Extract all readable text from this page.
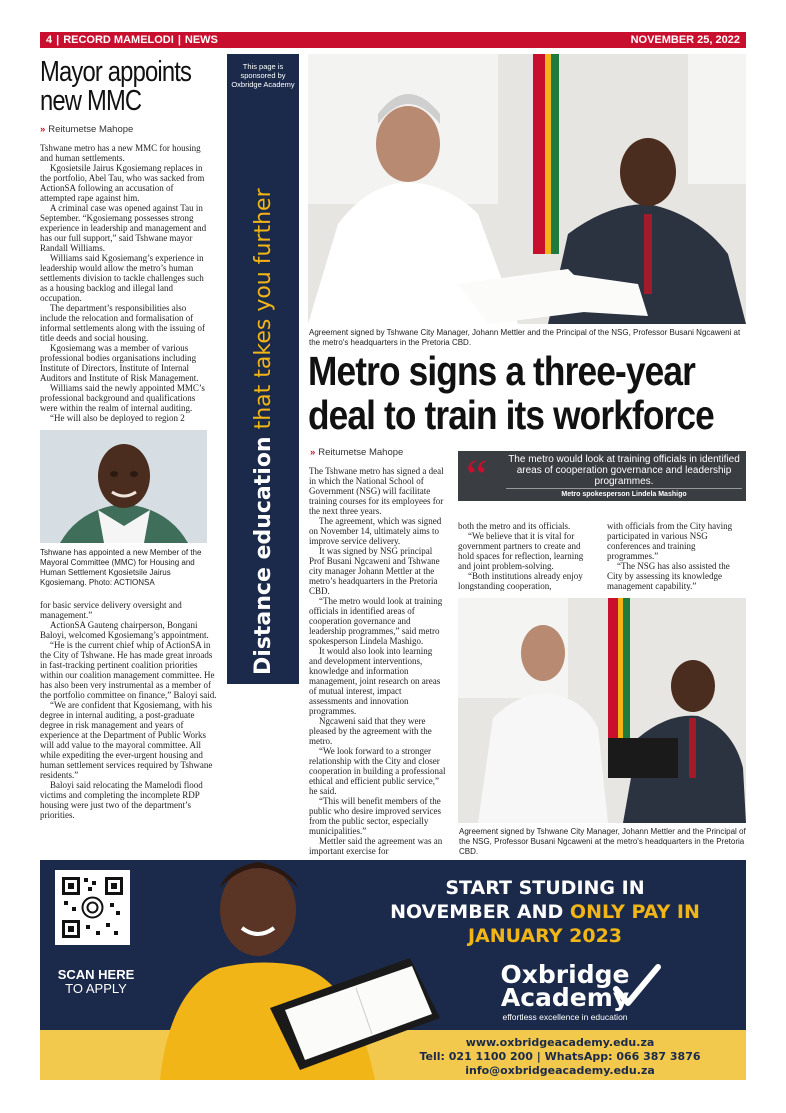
4 | RECORD MAMELODI | NEWS	NOVEMBER 25, 2022
Mayor appoints
new MMC
» Reitumetse Mahope

Tshwane metro has a new MMC for housing and human settlements.

Kgosietsile Jairus Kgosiemang replaces in the portfolio, Abel Tau, who was sacked from ActionSA following an accusation of attempted rape against him.

A criminal case was opened against Tau in September. “Kgosiemang possesses strong experience in leadership and management and has our full support,” said Tshwane mayor Randall Williams.

Williams said Kgosiemang’s experience in leadership would allow the metro’s human settlements division to tackle challenges such as a housing backlog and illegal land occupation.

The department’s responsibilities also include the relocation and formalisation of informal settlements along with the issuing of title deeds and social housing.

Kgosiemang was a member of various professional bodies organisations including Institute of Directors, Institute of Internal Auditors and Institute of Risk Management.

Williams said the newly appointed MMC’s professional background and qualifications were within the realm of internal auditing.

“He will also be deployed to region 2

Tshwane has appointed a new Member of the Mayoral Committee (MMC) for Housing and Human Settlement Kgosietsile Jairus Kgosiemang. Photo: ACTIONSA

for basic service delivery oversight and management.”

ActionSA Gauteng chairperson, Bongani Baloyi, welcomed Kgosiemang’s appointment.

“He is the current chief whip of ActionSA in the City of Tshwane. He has made great inroads in fast-tracking pertinent coalition priorities within our coalition management committee. He has also been very instrumental as a member of the portfolio committee on finance,” Baloyi said.

“We are confident that Kgosiemang, with his degree in internal auditing, a post-graduate degree in risk management and years of experience at the Department of Public Works will add value to the mayoral committee. All while expediting the ever-urgent housing and human settlement services required by Tshwane residents.”

Baloyi said relocating the Mamelodi flood victims and completing the incomplete RDP housing were just two of the department’s priorities.

This page is sponsored by Oxbridge Academy
Distance education that takes you further	Agreement signed by Tshwane City Manager, Johann Mettler and the Principal of the NSG, Professor Busani Ngcaweni at the metro's headquarters in the Pretoria CBD.
Metro signs a three-year
deal to train its workforce
» Reitumetse Mahope “ The metro would look at training officials in identified areas of cooperation governance and leadership programmes.
Metro spokesperson Lindela Mashigo

The Tshwane metro has signed a deal in which the National School of Government (NSG) will facilitate training courses for its employees for the next three years.

The agreement, which was signed on November 14, ultimately aims to improve service delivery.

It was signed by NSG principal Prof Busani Ngcaweni and Tshwane city manager Johann Mettler at the metro’s headquarters in the Pretoria CBD.

“The metro would look at training officials in identified areas of cooperation governance and leadership programmes,” said metro spokesperson Lindela Mashigo.

It would also look into learning and development interventions, knowledge and information management, joint research on areas of mutual interest, impact assessments and innovation programmes.

Ngcaweni said that they were pleased by the agreement with the metro.

“We look forward to a stronger relationship with the City and closer cooperation in building a professional ethical and efficient public service,” he said.

“This will benefit members of the public who desire improved services from the public sector, especially municipalities.”

Mettler said the agreement was an important exercise for

both the metro and its officials.

“We believe that it is vital for government partners to create and hold spaces for reflection, learning and joint problem-solving.

“Both institutions already enjoy longstanding cooperation,

with officials from the City having participated in various NSG conferences and training programmes.”

“The NSG has also assisted the City by assessing its knowledge management capability.”

Agreement signed by Tshwane City Manager, Johann Mettler and the Principal of the NSG, Professor Busani Ngcaweni at the metro's headquarters in the Pretoria CBD.
SCAN HERE
TO APPLY
START STUDING IN
NOVEMBER AND ONLY PAY IN
JANUARY 2023
Oxbridge
Academy
effortless excellence in education
www.oxbridgeacademy.edu.za
Tell: 021 1100 200 | WhatsApp: 066 387 3876
info@oxbridgeacademy.edu.za
